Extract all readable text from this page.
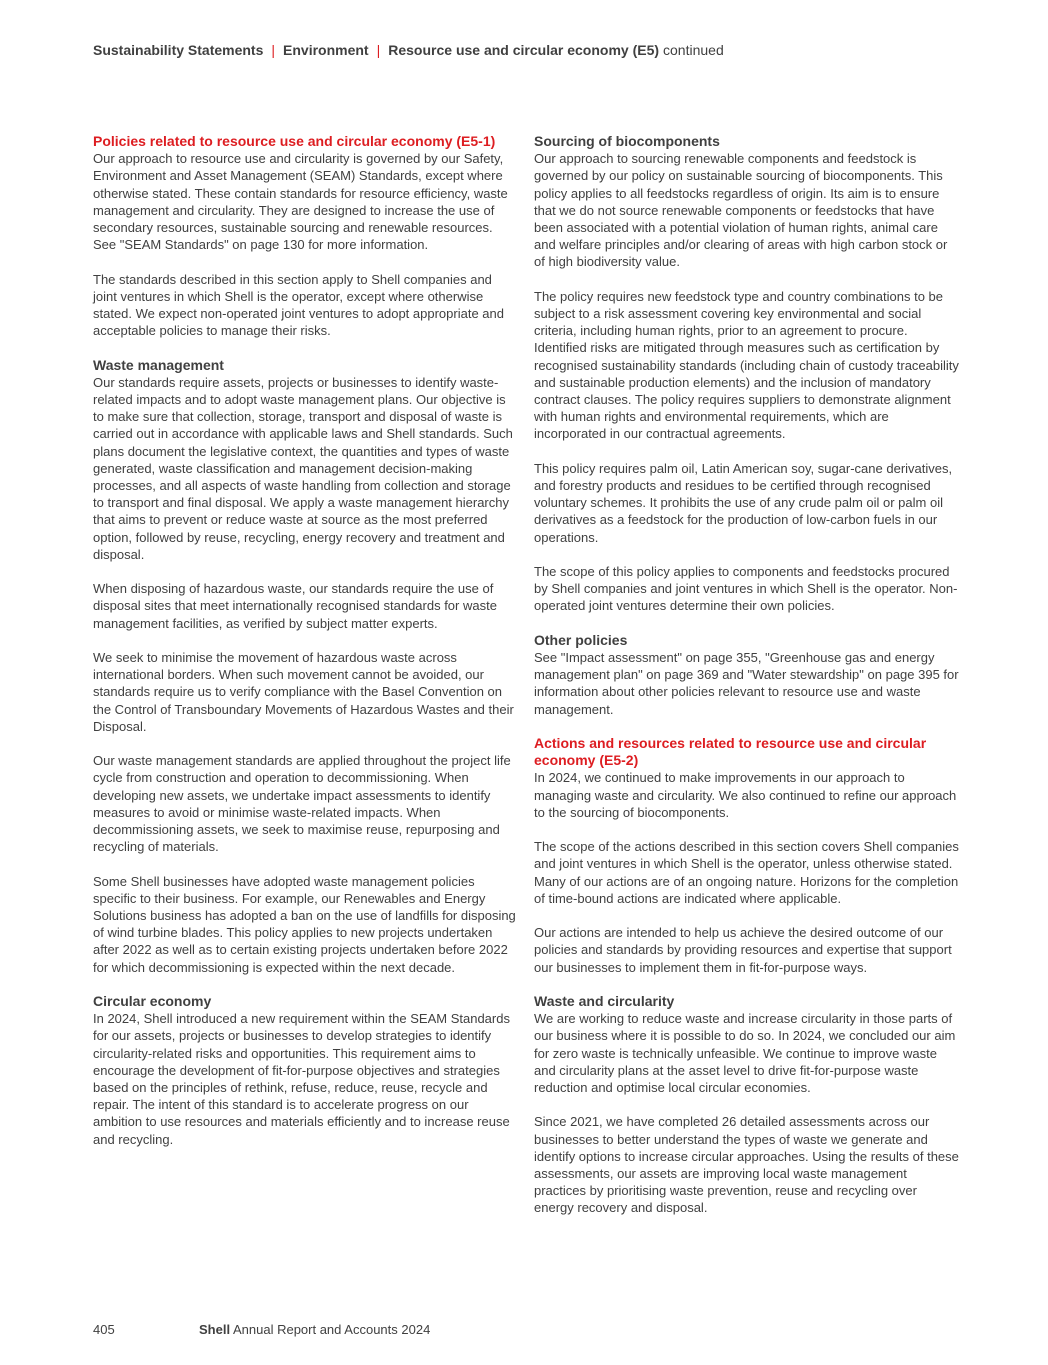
Sustainability Statements | Environment | Resource use and circular economy (E5) continued
Policies related to resource use and circular economy (E5-1)

Our approach to resource use and circularity is governed by our Safety, Environment and Asset Management (SEAM) Standards, except where otherwise stated. These contain standards for resource efficiency, waste management and circularity. They are designed to increase the use of secondary resources, sustainable sourcing and renewable resources. See "SEAM Standards" on page 130 for more information.

The standards described in this section apply to Shell companies and joint ventures in which Shell is the operator, except where otherwise stated. We expect non-operated joint ventures to adopt appropriate and acceptable policies to manage their risks.

Waste management

Our standards require assets, projects or businesses to identify waste-related impacts and to adopt waste management plans. Our objective is to make sure that collection, storage, transport and disposal of waste is carried out in accordance with applicable laws and Shell standards. Such plans document the legislative context, the quantities and types of waste generated, waste classification and management decision-making processes, and all aspects of waste handling from collection and storage to transport and final disposal. We apply a waste management hierarchy that aims to prevent or reduce waste at source as the most preferred option, followed by reuse, recycling, energy recovery and treatment and disposal.

When disposing of hazardous waste, our standards require the use of disposal sites that meet internationally recognised standards for waste management facilities, as verified by subject matter experts.

We seek to minimise the movement of hazardous waste across international borders. When such movement cannot be avoided, our standards require us to verify compliance with the Basel Convention on the Control of Transboundary Movements of Hazardous Wastes and their Disposal.

Our waste management standards are applied throughout the project life cycle from construction and operation to decommissioning. When developing new assets, we undertake impact assessments to identify measures to avoid or minimise waste-related impacts. When decommissioning assets, we seek to maximise reuse, repurposing and recycling of materials.

Some Shell businesses have adopted waste management policies specific to their business. For example, our Renewables and Energy Solutions business has adopted a ban on the use of landfills for disposing of wind turbine blades. This policy applies to new projects undertaken after 2022 as well as to certain existing projects undertaken before 2022 for which decommissioning is expected within the next decade.

Circular economy

In 2024, Shell introduced a new requirement within the SEAM Standards for our assets, projects or businesses to develop strategies to identify circularity-related risks and opportunities. This requirement aims to encourage the development of fit-for-purpose objectives and strategies based on the principles of rethink, refuse, reduce, reuse, recycle and repair. The intent of this standard is to accelerate progress on our ambition to use resources and materials efficiently and to increase reuse and recycling.

Sourcing of biocomponents

Our approach to sourcing renewable components and feedstock is governed by our policy on sustainable sourcing of biocomponents. This policy applies to all feedstocks regardless of origin. Its aim is to ensure that we do not source renewable components or feedstocks that have been associated with a potential violation of human rights, animal care and welfare principles and/or clearing of areas with high carbon stock or of high biodiversity value.

The policy requires new feedstock type and country combinations to be subject to a risk assessment covering key environmental and social criteria, including human rights, prior to an agreement to procure. Identified risks are mitigated through measures such as certification by recognised sustainability standards (including chain of custody traceability and sustainable production elements) and the inclusion of mandatory contract clauses. The policy requires suppliers to demonstrate alignment with human rights and environmental requirements, which are incorporated in our contractual agreements.

This policy requires palm oil, Latin American soy, sugar-cane derivatives, and forestry products and residues to be certified through recognised voluntary schemes. It prohibits the use of any crude palm oil or palm oil derivatives as a feedstock for the production of low-carbon fuels in our operations.

The scope of this policy applies to components and feedstocks procured by Shell companies and joint ventures in which Shell is the operator. Non-operated joint ventures determine their own policies.

Other policies

See "Impact assessment" on page 355, "Greenhouse gas and energy management plan" on page 369 and "Water stewardship" on page 395 for information about other policies relevant to resource use and waste management.

Actions and resources related to resource use and circular economy (E5-2)

In 2024, we continued to make improvements in our approach to managing waste and circularity. We also continued to refine our approach to the sourcing of biocomponents.

The scope of the actions described in this section covers Shell companies and joint ventures in which Shell is the operator, unless otherwise stated. Many of our actions are of an ongoing nature. Horizons for the completion of time-bound actions are indicated where applicable.

Our actions are intended to help us achieve the desired outcome of our policies and standards by providing resources and expertise that support our businesses to implement them in fit-for-purpose ways.

Waste and circularity

We are working to reduce waste and increase circularity in those parts of our business where it is possible to do so. In 2024, we concluded our aim for zero waste is technically unfeasible. We continue to improve waste and circularity plans at the asset level to drive fit-for-purpose waste reduction and optimise local circular economies.

Since 2021, we have completed 26 detailed assessments across our businesses to better understand the types of waste we generate and identify options to increase circular approaches. Using the results of these assessments, our assets are improving local waste management practices by prioritising waste prevention, reuse and recycling over energy recovery and disposal.

405	Shell Annual Report and Accounts 2024
